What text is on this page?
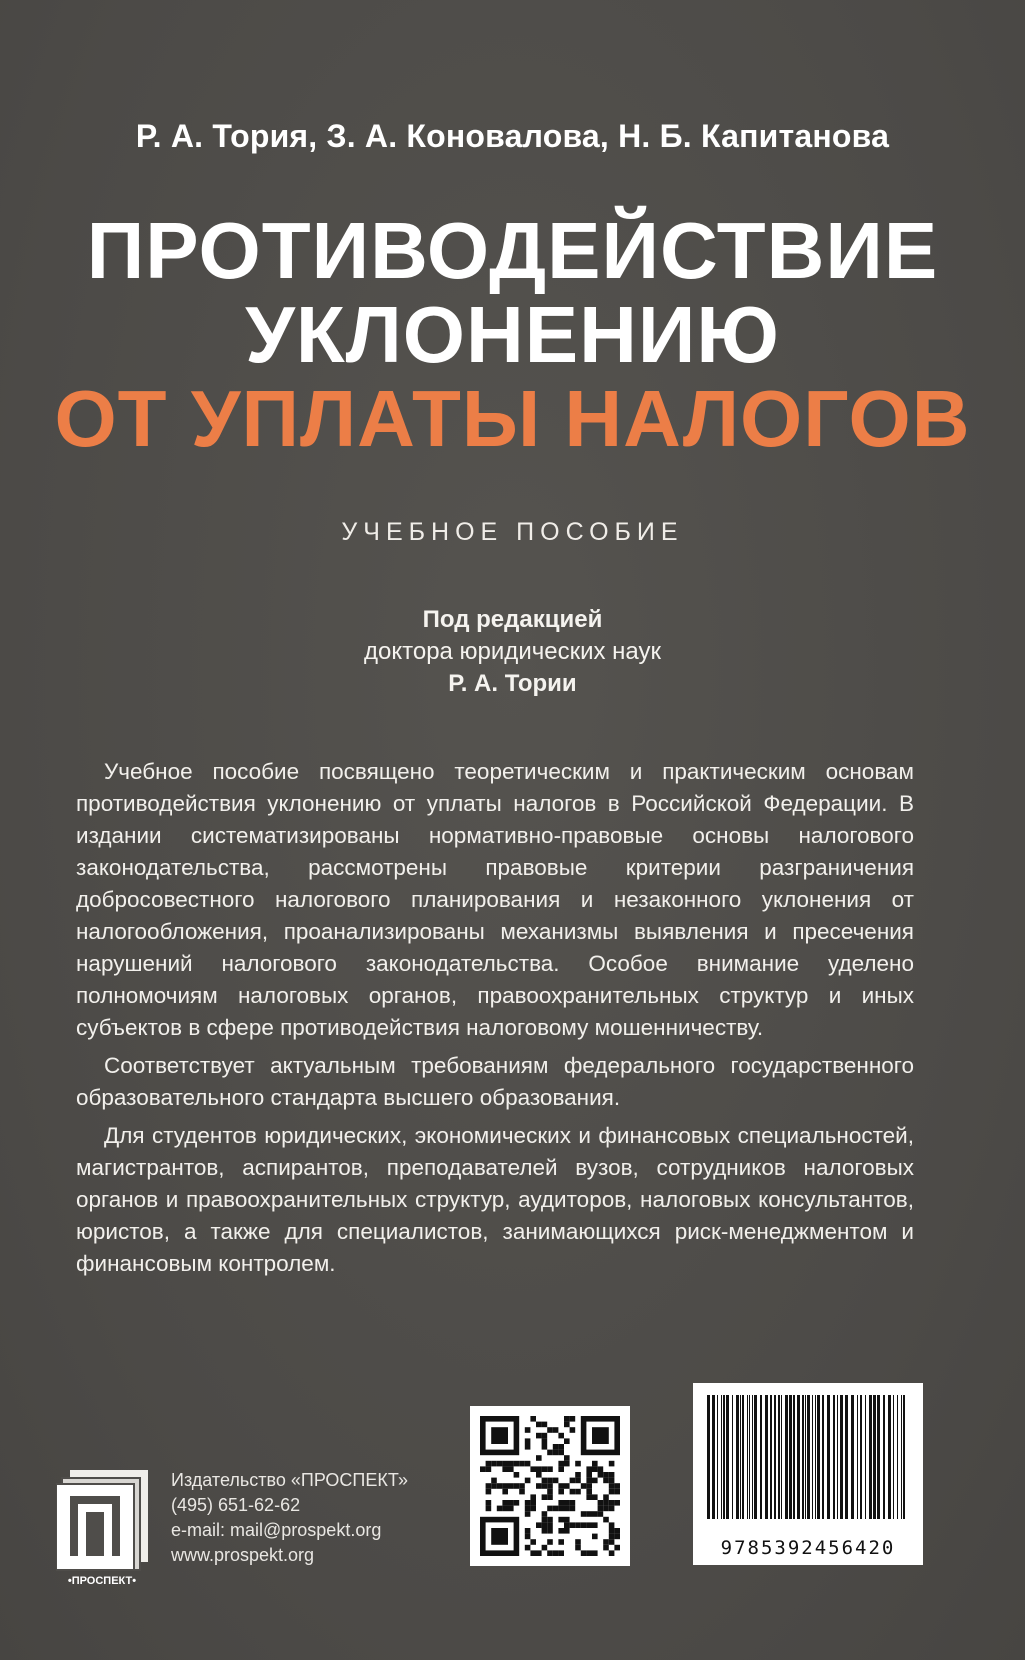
Р. А. Тория, З. А. Коновалова, Н. Б. Капитанова
ПРОТИВОДЕЙСТВИЕ
УКЛОНЕНИЮ
ОТ УПЛАТЫ НАЛОГОВ
УЧЕБНОЕ ПОСОБИЕ
Под редакцией
доктора юридических наук
Р. А. Тории

Учебное пособие посвящено теоретическим и практическим основам противодействия уклонению от уплаты налогов в Российской Федерации. В издании систематизированы нормативно-правовые основы налогового законодательства, рассмотрены правовые критерии разграничения добросовестного налогового планирования и незаконного уклонения от налогообложения, проанализированы механизмы выявления и пресечения нарушений налогового законодательства. Особое внимание уделено полномочиям налоговых органов, правоохранительных структур и иных субъектов в сфере противодействия налоговому мошенничеству.

Соответствует актуальным требованиям федерального государственного образовательного стандарта высшего образования.

Для студентов юридических, экономических и финансовых специальностей, магистрантов, аспирантов, преподавателей вузов, сотрудников налоговых органов и правоохранительных структур, аудиторов, налоговых консультантов, юристов, а также для специалистов, занимающихся риск-менеджментом и финансовым контролем.

•ПРОСПЕКТ•
Издательство «ПРОСПЕКТ»
(495) 651-62-62
e-mail: mail@prospekt.org
www.prospekt.org	9785392456420
